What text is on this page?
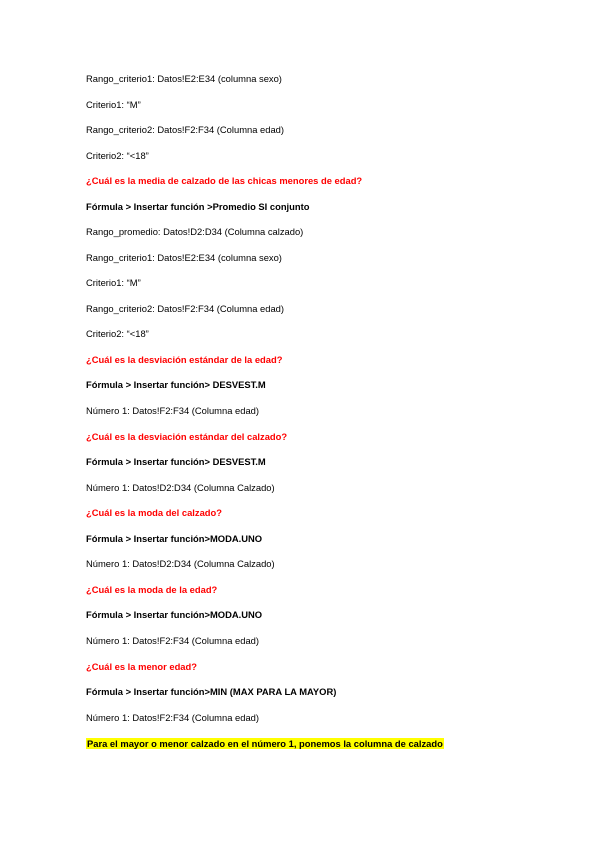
Rango_criterio1: Datos!E2:E34 (columna sexo)
Criterio1: “M”
Rango_criterio2: Datos!F2:F34 (Columna edad)
Criterio2: “<18”
¿Cuál es la media de calzado de las chicas menores de edad?
Fórmula > Insertar función >Promedio SI conjunto
Rango_promedio: Datos!D2:D34 (Columna calzado)
Rango_criterio1: Datos!E2:E34 (columna sexo)
Criterio1: “M”
Rango_criterio2: Datos!F2:F34 (Columna edad)
Criterio2: “<18”
¿Cuál es la desviación estándar de la edad?
Fórmula > Insertar función> DESVEST.M
Número 1: Datos!F2:F34 (Columna edad)
¿Cuál es la desviación estándar del calzado?
Fórmula > Insertar función> DESVEST.M
Número 1: Datos!D2:D34 (Columna Calzado)
¿Cuál es la moda del calzado?
Fórmula > Insertar función>MODA.UNO
Número 1: Datos!D2:D34 (Columna Calzado)
¿Cuál es la moda de la edad?
Fórmula > Insertar función>MODA.UNO
Número 1: Datos!F2:F34 (Columna edad)
¿Cuál es la menor edad?
Fórmula > Insertar función>MIN (MAX PARA LA MAYOR)
Número 1: Datos!F2:F34 (Columna edad)
Para el mayor o menor calzado en el número 1, ponemos la columna de calzado
